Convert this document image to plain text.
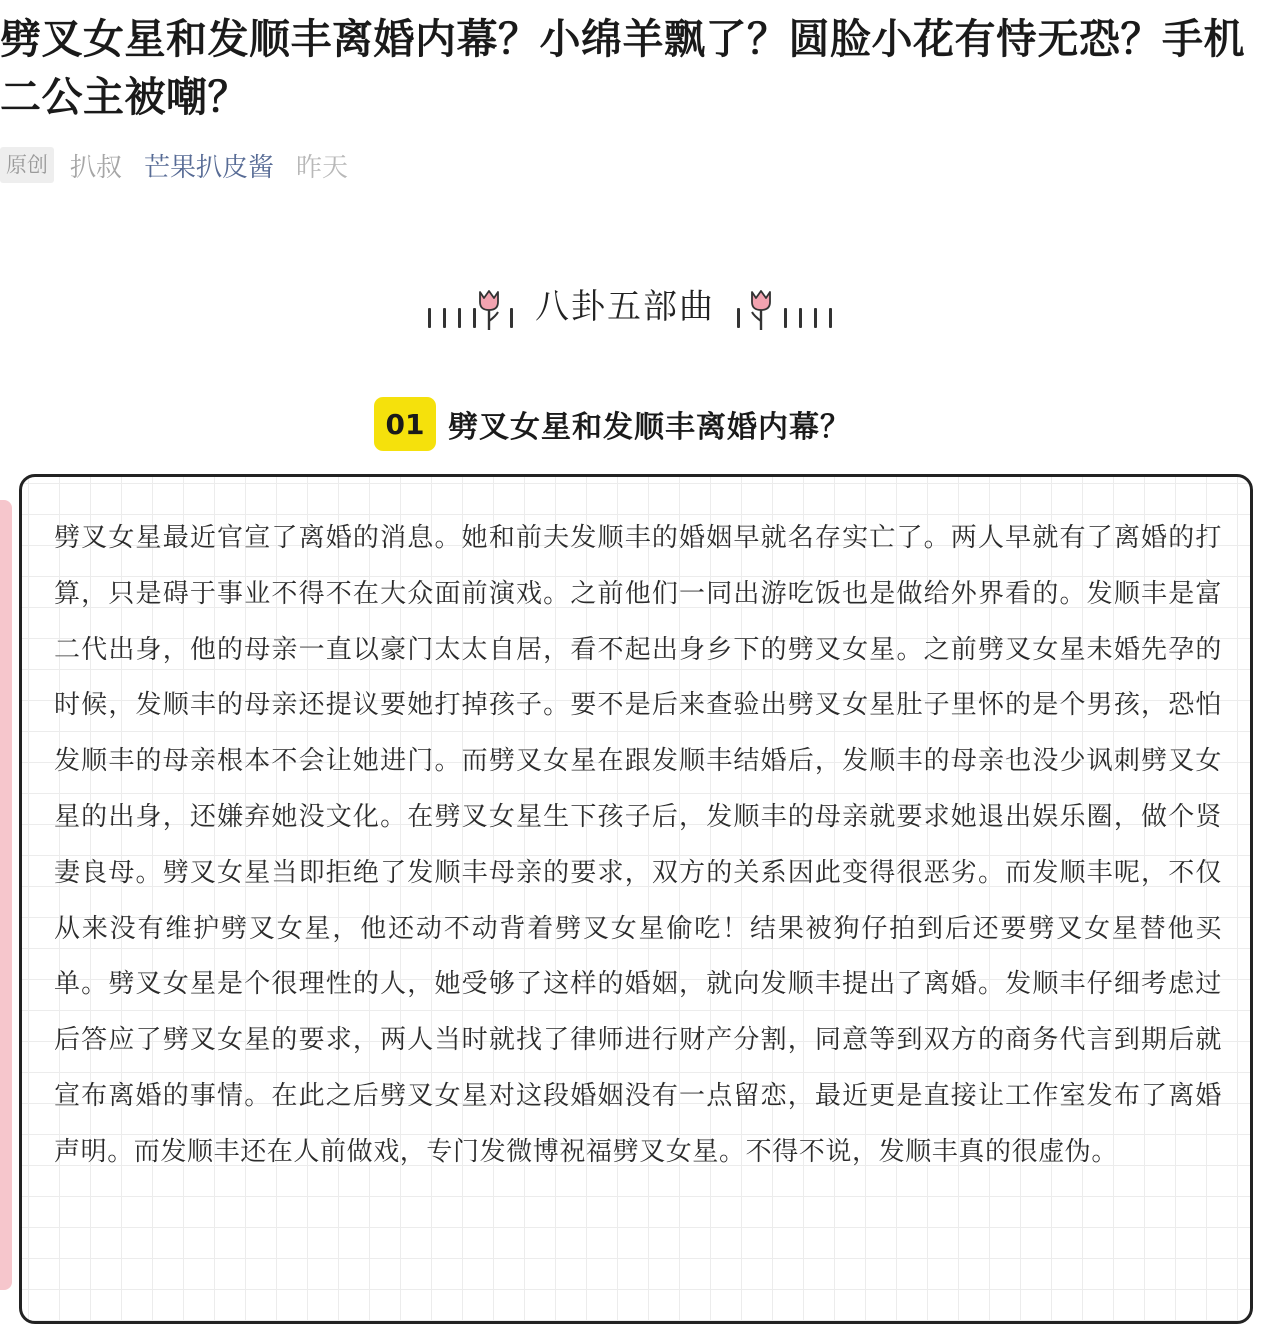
劈叉女星和发顺丰离婚内幕？小绵羊飘了？圆脸小花有恃无恐？手机二公主被嘲？
原创 扒叔 芒果扒皮酱 昨天
八卦五部曲
01 劈叉女星和发顺丰离婚内幕？

劈叉女星最近官宣了离婚的消息。她和前夫发顺丰的婚姻早就名存实亡了。两人早就有了离婚的打算，只是碍于事业不得不在大众面前演戏。之前他们一同出游吃饭也是做给外界看的。发顺丰是富二代出身，他的母亲一直以豪门太太自居，看不起出身乡下的劈叉女星。之前劈叉女星未婚先孕的时候，发顺丰的母亲还提议要她打掉孩子。要不是后来查验出劈叉女星肚子里怀的是个男孩，恐怕发顺丰的母亲根本不会让她进门。而劈叉女星在跟发顺丰结婚后，发顺丰的母亲也没少讽刺劈叉女星的出身，还嫌弃她没文化。在劈叉女星生下孩子后，发顺丰的母亲就要求她退出娱乐圈，做个贤妻良母。劈叉女星当即拒绝了发顺丰母亲的要求，双方的关系因此变得很恶劣。而发顺丰呢，不仅从来没有维护劈叉女星，他还动不动背着劈叉女星偷吃！结果被狗仔拍到后还要劈叉女星替他买单。劈叉女星是个很理性的人，她受够了这样的婚姻，就向发顺丰提出了离婚。发顺丰仔细考虑过后答应了劈叉女星的要求，两人当时就找了律师进行财产分割，同意等到双方的商务代言到期后就宣布离婚的事情。在此之后劈叉女星对这段婚姻没有一点留恋，最近更是直接让工作室发布了离婚声明。而发顺丰还在人前做戏，专门发微博祝福劈叉女星。不得不说，发顺丰真的很虚伪。
